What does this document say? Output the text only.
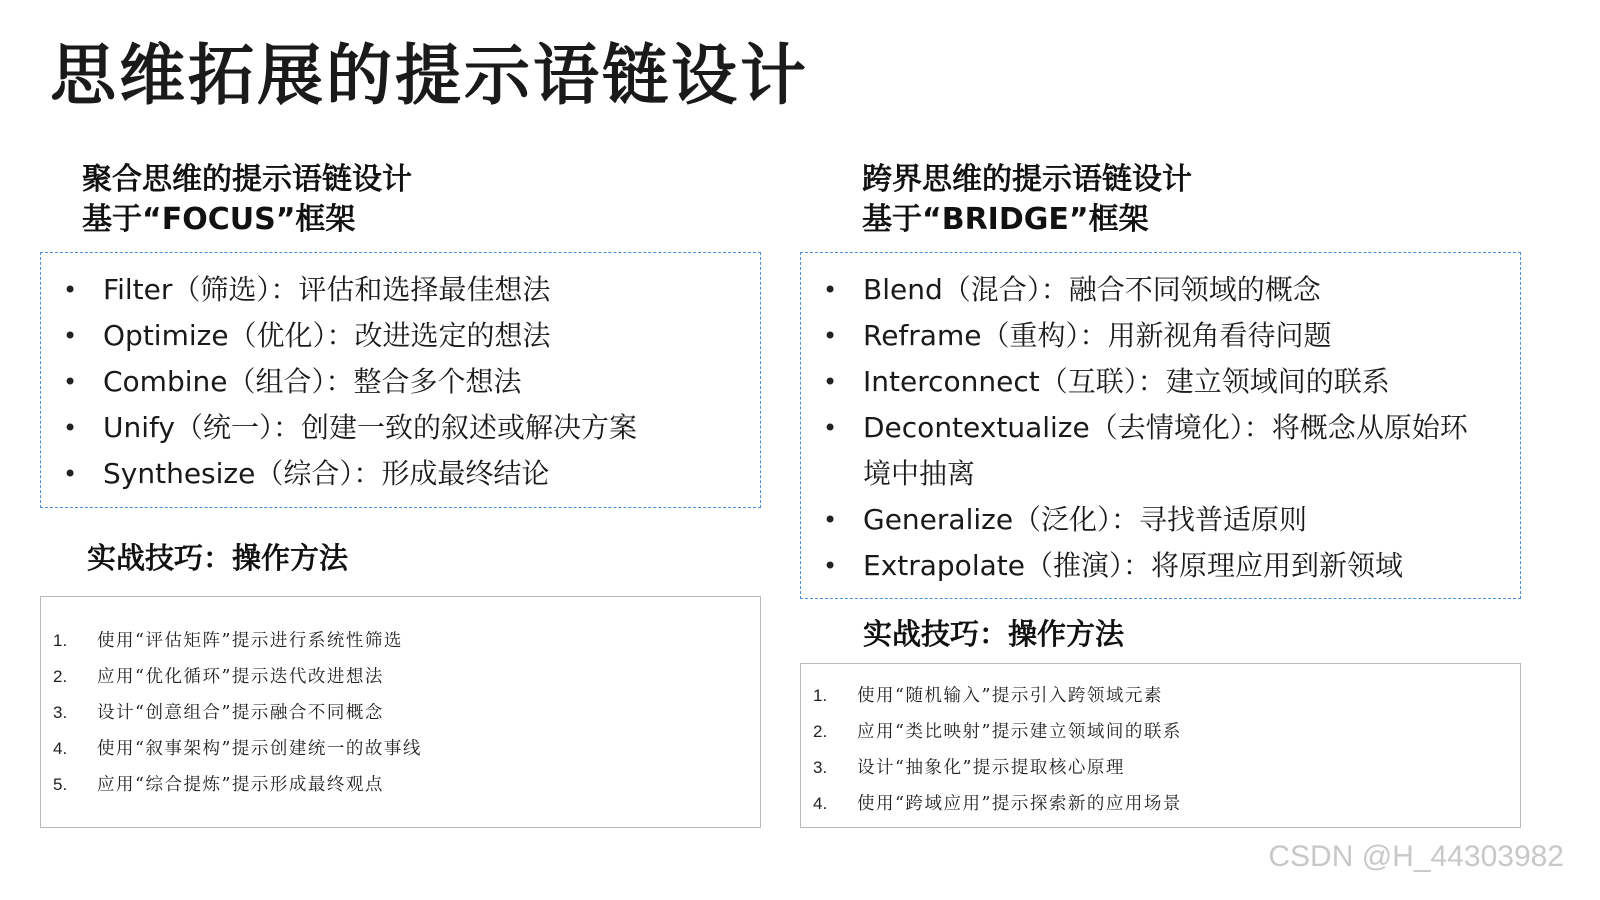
思维拓展的提示语链设计
聚合思维的提示语链设计
基于“FOCUS”框架
• Filter（筛选）：评估和选择最佳想法
• Optimize（优化）：改进选定的想法
• Combine（组合）：整合多个想法
• Unify（统一）：创建一致的叙述或解决方案
• Synthesize（综合）：形成最终结论
实战技巧：操作方法
1. 使用“评估矩阵”提示进行系统性筛选
2. 应用“优化循环”提示迭代改进想法
3. 设计“创意组合”提示融合不同概念
4. 使用“叙事架构”提示创建统一的故事线
5. 应用“综合提炼”提示形成最终观点
跨界思维的提示语链设计
基于“BRIDGE”框架
• Blend（混合）：融合不同领域的概念
• Reframe（重构）：用新视角看待问题
• Interconnect（互联）：建立领域间的联系
• Decontextualize（去情境化）：将概念从原始环境中抽离
• Generalize（泛化）：寻找普适原则
• Extrapolate（推演）：将原理应用到新领域
实战技巧：操作方法
1. 使用“随机输入”提示引入跨领域元素
2. 应用“类比映射”提示建立领域间的联系
3. 设计“抽象化”提示提取核心原理
4. 使用“跨域应用”提示探索新的应用场景
CSDN @H_44303982
